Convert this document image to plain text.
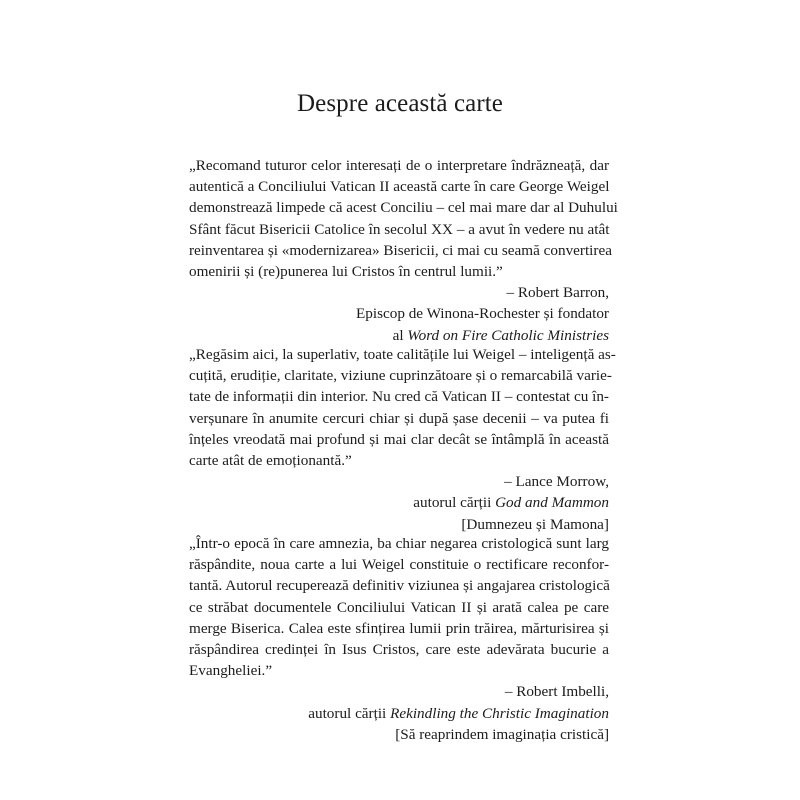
Despre această carte
„Recomand tuturor celor interesați de o interpretare îndrăzneață, dar
autentică a Conciliului Vatican II această carte în care George Weigel
demonstrează limpede că acest Conciliu – cel mai mare dar al Duhului
Sfânt făcut Bisericii Catolice în secolul XX – a avut în vedere nu atât
reinventarea și «modernizarea» Bisericii, ci mai cu seamă convertirea
omenirii și (re)punerea lui Cristos în centrul lumii.”
– Robert Barron,
Episcop de Winona-Rochester și fondator
al Word on Fire Catholic Ministries
„Regăsim aici, la superlativ, toate calitățile lui Weigel – inteligență as-
cuțită, erudiție, claritate, viziune cuprinzătoare și o remarcabilă varie-
tate de informații din interior. Nu cred că Vatican II – contestat cu în-
verșunare în anumite cercuri chiar și după șase decenii – va putea fi
înțeles vreodată mai profund și mai clar decât se întâmplă în această
carte atât de emoționantă.”
– Lance Morrow,
autorul cărții God and Mammon
[Dumnezeu și Mamona]
„Într-o epocă în care amnezia, ba chiar negarea cristologică sunt larg
răspândite, noua carte a lui Weigel constituie o rectificare reconfor-
tantă. Autorul recuperează definitiv viziunea și angajarea cristologică
ce străbat documentele Conciliului Vatican II și arată calea pe care
merge Biserica. Calea este sfințirea lumii prin trăirea, mărturisirea și
răspândirea credinței în Isus Cristos, care este adevărata bucurie a
Evangheliei.”
– Robert Imbelli,
autorul cărții Rekindling the Christic Imagination
[Să reaprindem imaginația cristică]
